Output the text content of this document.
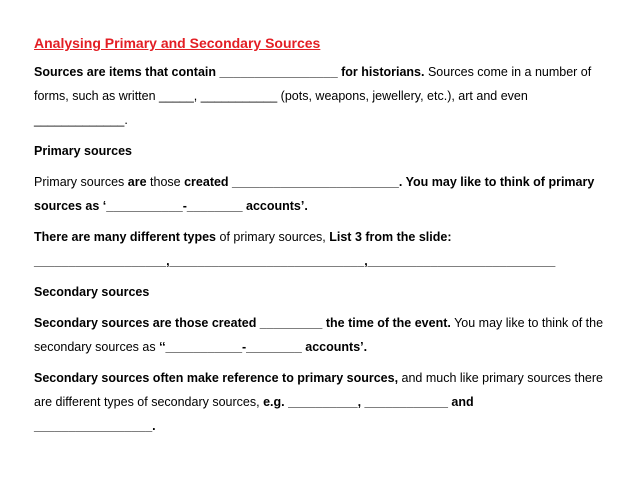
Analysing Primary and Secondary Sources
Sources are items that contain _________________ for historians. Sources come in a number of
forms, such as written _____, ___________ (pots, weapons, jewellery, etc.), art and even
_____________.
Primary sources
Primary sources are those created ________________________. You may like to think of primary
sources as ‘___________-________ accounts’.
There are many different types of primary sources, List 3 from the slide:
___________________,____________________________,___________________________
Secondary sources
Secondary sources are those created _________ the time of the event. You may like to think of the
secondary sources as ‘‘___________-________ accounts’.
Secondary sources often make reference to primary sources, and much like primary sources there
are different types of secondary sources, e.g. __________, ____________ and
_________________.
